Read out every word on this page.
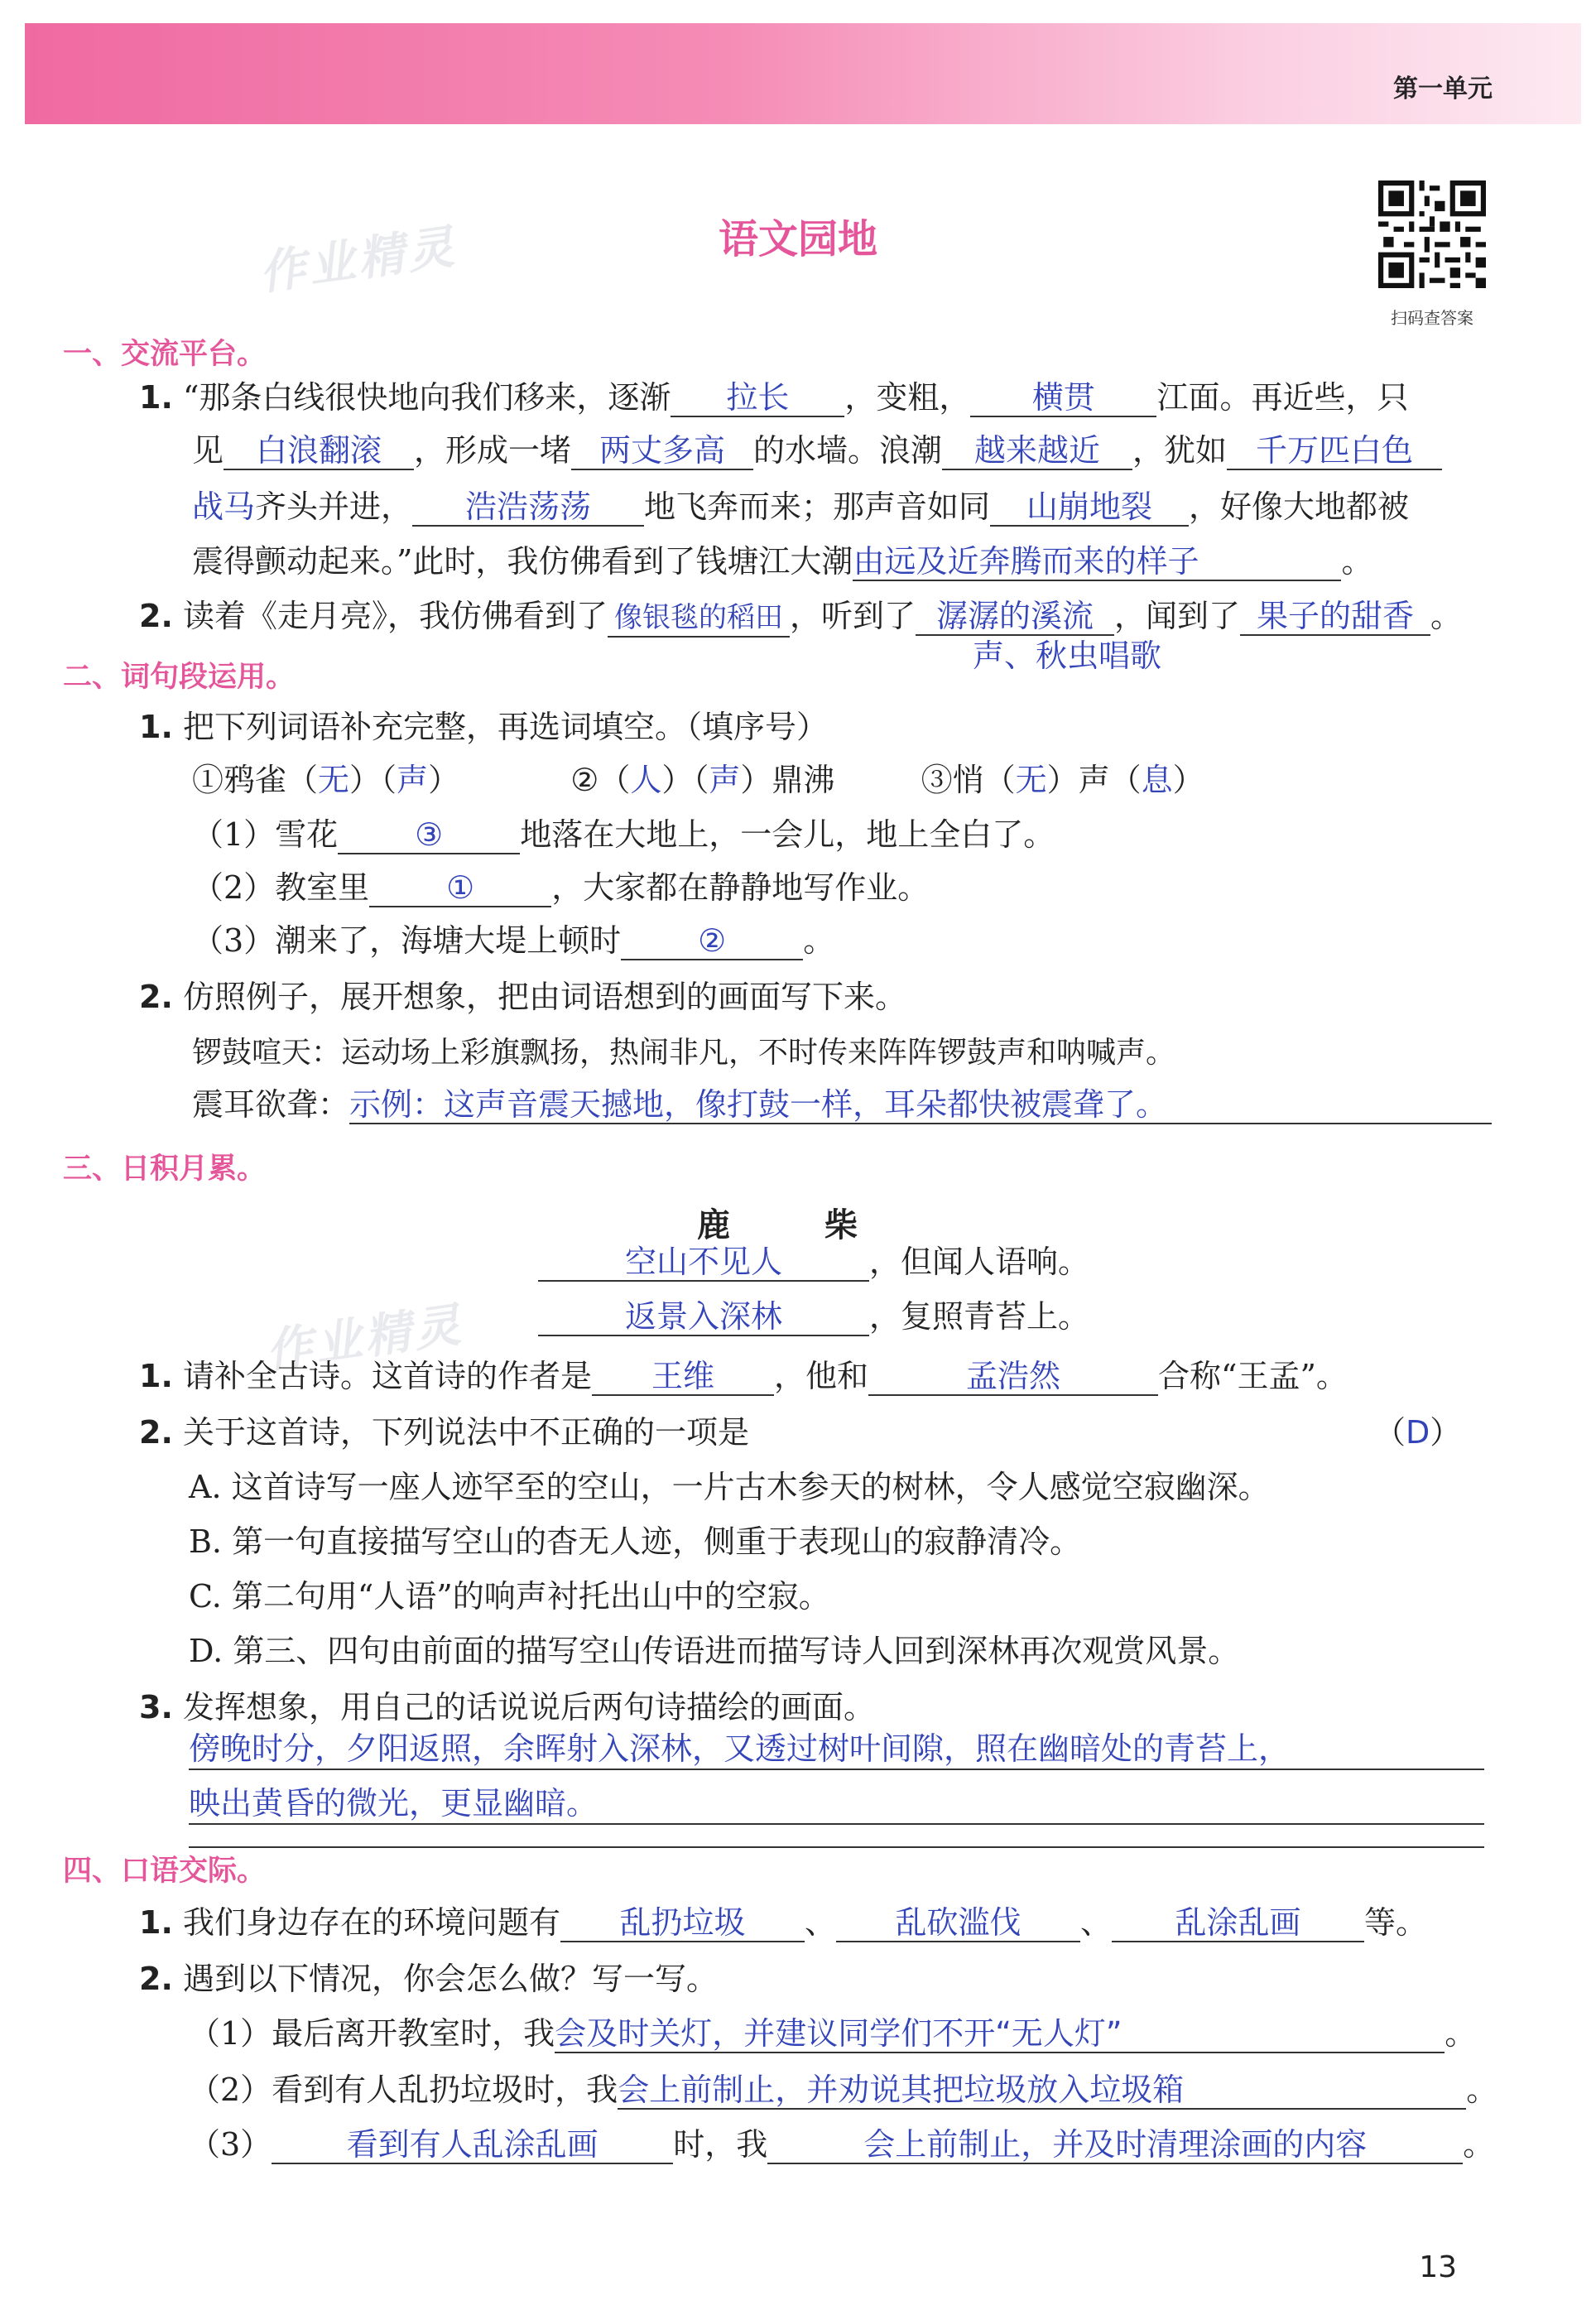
第一单元
作业精灵
作业精灵
语文园地
扫码查答案
一、交流平台。
1. “那条白线很快地向我们移来，逐渐 拉长 ，变粗， 横贯 江面。再近些，只
见 白浪翻滚 ，形成一堵 两丈多高 的水墙。浪潮 越来越近 ，犹如 千万匹白色
战马齐头并进， 浩浩荡荡 地飞奔而来；那声音如同 山崩地裂 ，好像大地都被
震得颤动起来。”此时，我仿佛看到了钱塘江大潮由远及近奔腾而来的样子	。
2. 读着《走月亮》，我仿佛看到了 像银毯的稻田 ，听到了 潺潺的溪流 ，闻到了 果子的甜香 。
声、秋虫唱歌
二、词句段运用。
1. 把下列词语补充完整，再选词填空。（填序号）
①鸦雀（无）（声）	②（人）（声）鼎沸	③悄（无）声（息）
（1）雪花 ③ 地落在大地上，一会儿，地上全白了。
（2）教室里 ① ，大家都在静静地写作业。
（3）潮来了，海塘大堤上顿时 ② 。
2. 仿照例子，展开想象，把由词语想到的画面写下来。
锣鼓喧天：运动场上彩旗飘扬，热闹非凡，不时传来阵阵锣鼓声和呐喊声。
震耳欲聋：示例：这声音震天撼地，像打鼓一样，耳朵都快被震聋了。
三、日积月累。
鹿 柴
空山不见人	，但闻人语响。
返景入深林	，复照青苔上。
1. 请补全古诗。这首诗的作者是 王维 ，他和	孟浩然	合称“王孟”。
2. 关于这首诗，下列说法中不正确的一项是	（D）
A. 这首诗写一座人迹罕至的空山，一片古木参天的树林，令人感觉空寂幽深。
B. 第一句直接描写空山的杳无人迹，侧重于表现山的寂静清冷。
C. 第二句用“人语”的响声衬托出山中的空寂。
D. 第三、四句由前面的描写空山传语进而描写诗人回到深林再次观赏风景。
3. 发挥想象，用自己的话说说后两句诗描绘的画面。
傍晚时分，夕阳返照，余晖射入深林，又透过树叶间隙，照在幽暗处的青苔上，
映出黄昏的微光，更显幽暗。
四、口语交际。
1. 我们身边存在的环境问题有 乱扔垃圾 、 乱砍滥伐 、 乱涂乱画 等。
2. 遇到以下情况，你会怎么做？写一写。
（1）最后离开教室时，我会及时关灯，并建议同学们不开“无人灯”	。
（2）看到有人乱扔垃圾时，我会上前制止，并劝说其把垃圾放入垃圾箱	。
（3） 看到有人乱涂乱画 时，我	会上前制止，并及时清理涂画的内容	。
13
